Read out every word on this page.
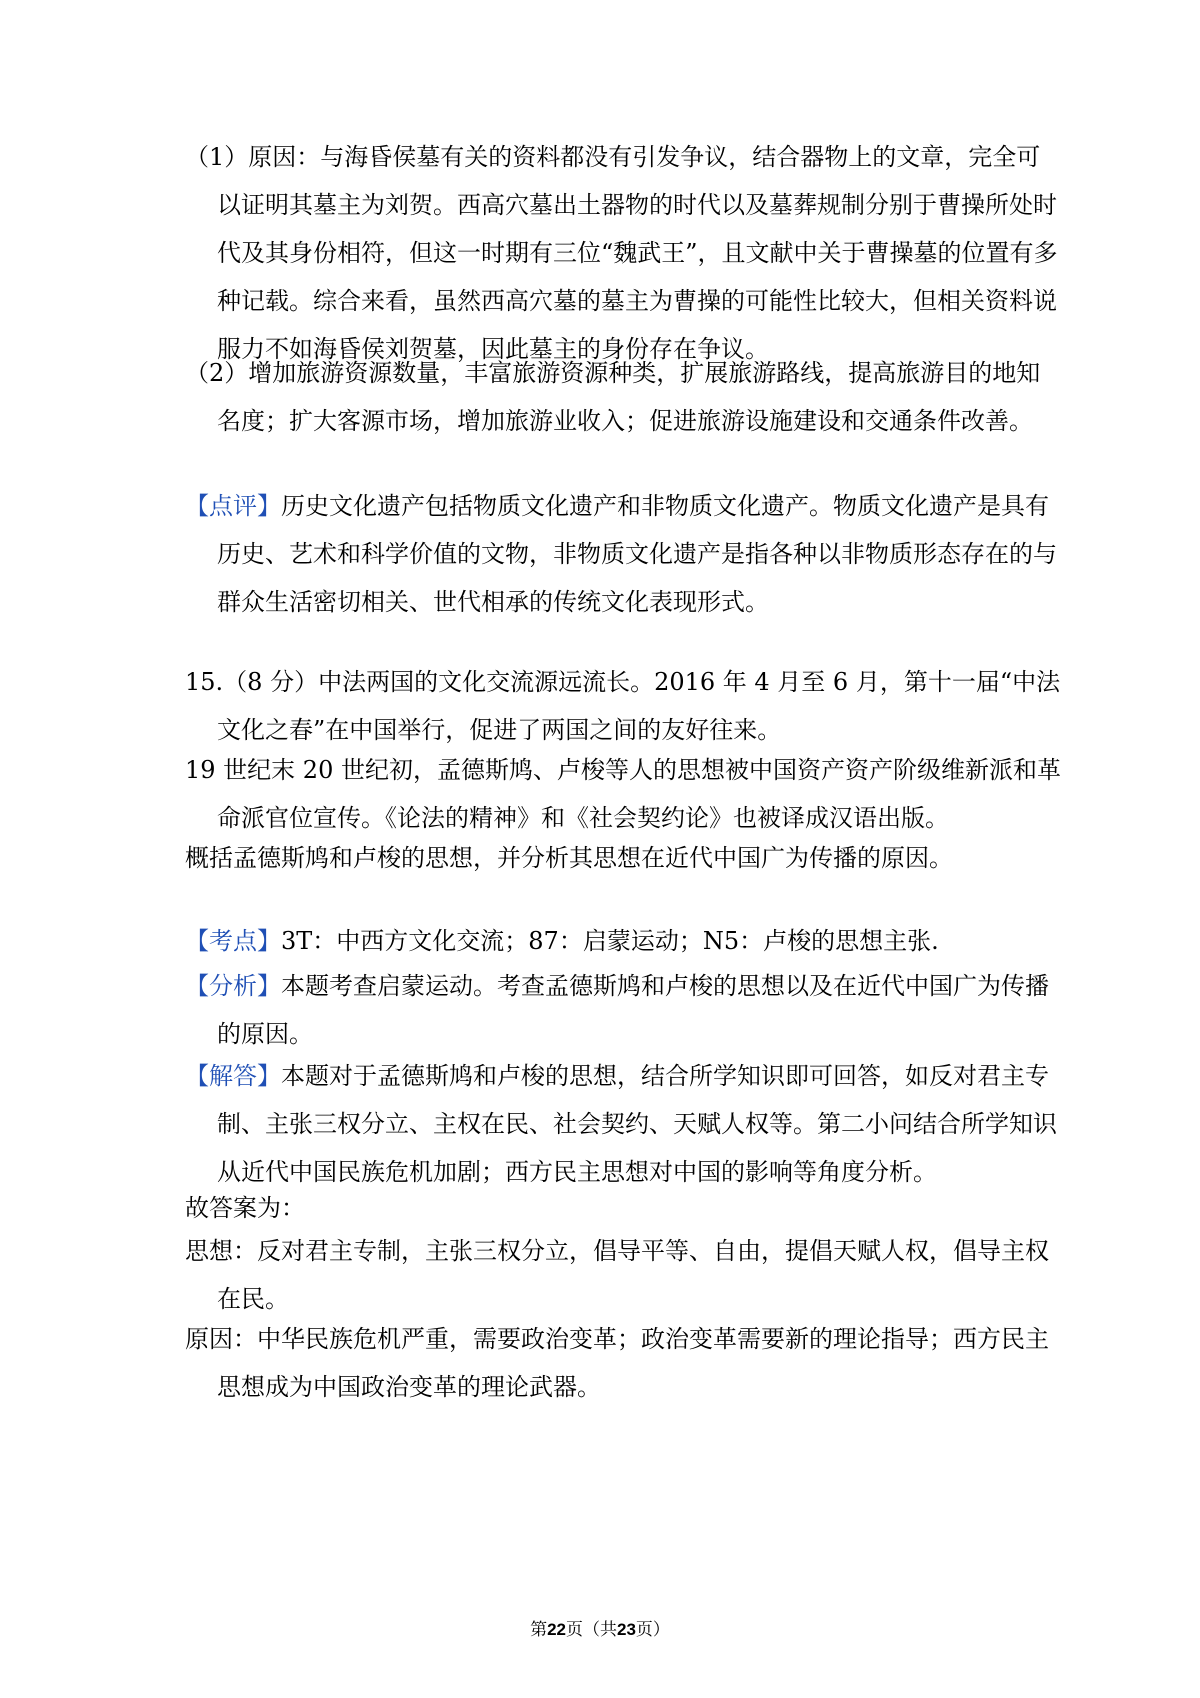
（1）原因：与海昏侯墓有关的资料都没有引发争议，结合器物上的文章，完全可以证明其墓主为刘贺。西高穴墓出土器物的时代以及墓葬规制分别于曹操所处时代及其身份相符，但这一时期有三位“魏武王”，且文献中关于曹操墓的位置有多种记载。综合来看，虽然西高穴墓的墓主为曹操的可能性比较大，但相关资料说服力不如海昏侯刘贺墓，因此墓主的身份存在争议。
（2）增加旅游资源数量，丰富旅游资源种类，扩展旅游路线，提高旅游目的地知名度；扩大客源市场，增加旅游业收入；促进旅游设施建设和交通条件改善。
【点评】历史文化遗产包括物质文化遗产和非物质文化遗产。物质文化遗产是具有历史、艺术和科学价值的文物，非物质文化遗产是指各种以非物质形态存在的与群众生活密切相关、世代相承的传统文化表现形式。
15.（8 分）中法两国的文化交流源远流长。2016 年 4 月至 6 月，第十一届“中法文化之春”在中国举行，促进了两国之间的友好往来。
19 世纪末 20 世纪初，孟德斯鸠、卢梭等人的思想被中国资产资产阶级维新派和革命派官位宣传。《论法的精神》和《社会契约论》也被译成汉语出版。
概括孟德斯鸠和卢梭的思想，并分析其思想在近代中国广为传播的原因。
【考点】3T：中西方文化交流；87：启蒙运动；N5：卢梭的思想主张.
【分析】本题考查启蒙运动。考查孟德斯鸠和卢梭的思想以及在近代中国广为传播的原因。
【解答】本题对于孟德斯鸠和卢梭的思想，结合所学知识即可回答，如反对君主专制、主张三权分立、主权在民、社会契约、天赋人权等。第二小问结合所学知识从近代中国民族危机加剧；西方民主思想对中国的影响等角度分析。
故答案为：
思想：反对君主专制，主张三权分立，倡导平等、自由，提倡天赋人权，倡导主权在民。
原因：中华民族危机严重，需要政治变革；政治变革需要新的理论指导；西方民主思想成为中国政治变革的理论武器。
第22页（共23页）
